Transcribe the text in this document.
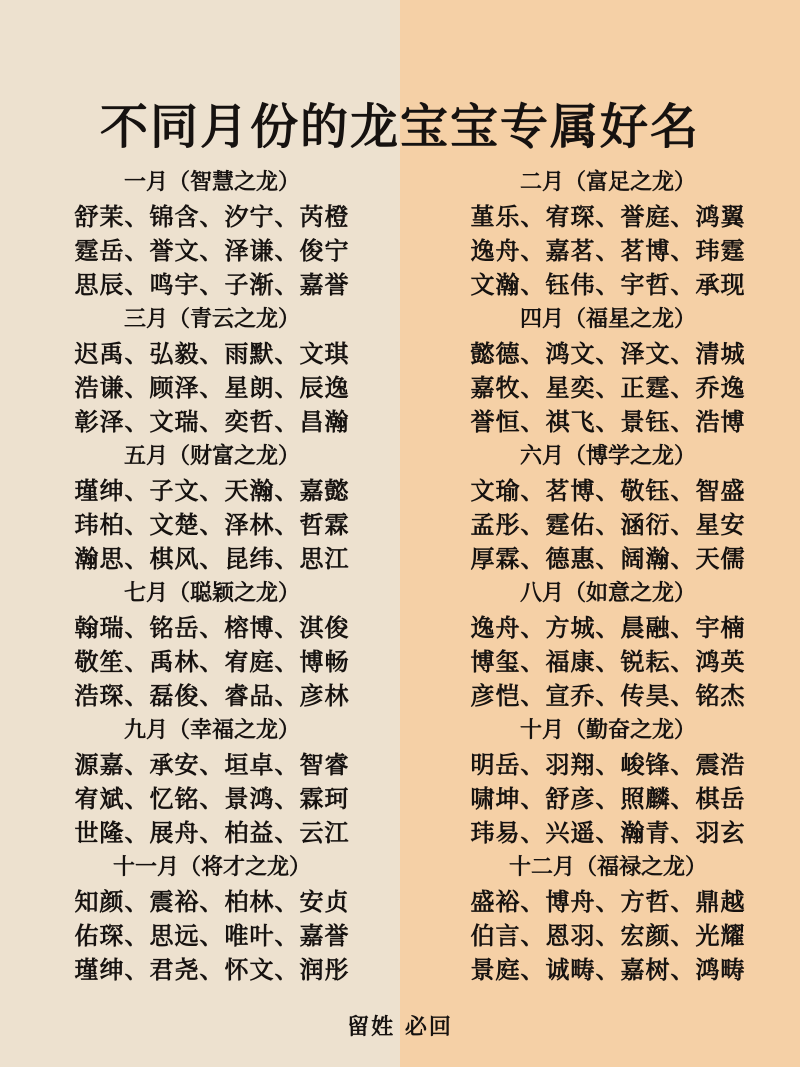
不同月份的龙宝宝专属好名
一月（智慧之龙）
舒茉、锦含、汐宁、芮橙
霆岳、誉文、泽谦、俊宁
思辰、鸣宇、子渐、嘉誉
三月（青云之龙）
迟禹、弘毅、雨默、文琪
浩谦、顾泽、星朗、辰逸
彰泽、文瑞、奕哲、昌瀚
五月（财富之龙）
瑾绅、子文、天瀚、嘉懿
玮柏、文楚、泽林、哲霖
瀚思、棋风、昆纬、思江
七月（聪颖之龙）
翰瑞、铭岳、榕博、淇俊
敬笙、禹林、宥庭、博畅
浩琛、磊俊、睿品、彦林
九月（幸福之龙）
源嘉、承安、垣卓、智睿
宥斌、忆铭、景鸿、霖珂
世隆、展舟、柏益、云江
十一月（将才之龙）
知颜、震裕、柏林、安贞
佑琛、思远、唯叶、嘉誉
瑾绅、君尧、怀文、润彤
二月（富足之龙）
堇乐、宥琛、誉庭、鸿翼
逸舟、嘉茗、茗博、玮霆
文瀚、钰伟、宇哲、承现
四月（福星之龙）
懿德、鸿文、泽文、清城
嘉牧、星奕、正霆、乔逸
誉恒、祺飞、景钰、浩博
六月（博学之龙）
文瑜、茗博、敬钰、智盛
孟彤、霆佑、涵衍、星安
厚霖、德惠、阔瀚、天儒
八月（如意之龙）
逸舟、方城、晨融、宇楠
博玺、福康、锐耘、鸿英
彦恺、宣乔、传昊、铭杰
十月（勤奋之龙）
明岳、羽翔、峻锋、震浩
啸坤、舒彦、照麟、棋岳
玮易、兴遥、瀚青、羽玄
十二月（福禄之龙）
盛裕、博舟、方哲、鼎越
伯言、恩羽、宏颜、光耀
景庭、诚畴、嘉树、鸿畴
留姓 必回
